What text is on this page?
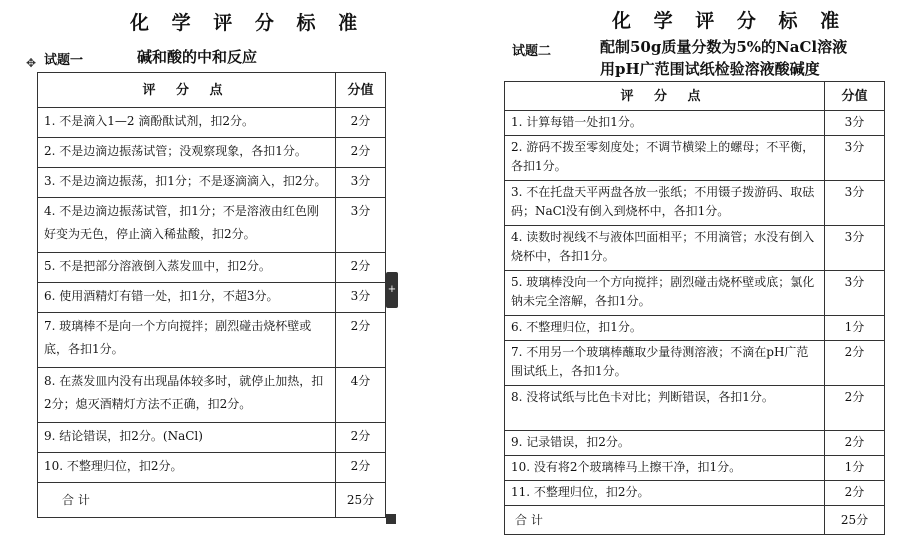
化 学 评 分 标 准
试题一	碱和酸的中和反应
✥
评 分 点	分值
1. 不是滴入1—2 滴酚酞试剂，扣2分。	2分
2. 不是边滴边振荡试管；没观察现象，各扣1分。	2分
3. 不是边滴边振荡，扣1分；不是逐滴滴入，扣2分。	3分
4. 不是边滴边振荡试管，扣1分；不是溶液由红色刚好变为无色，停止滴入稀盐酸，扣2分。	3分
5. 不是把部分溶液倒入蒸发皿中，扣2分。	2分
6. 使用酒精灯有错一处，扣1分，不超3分。	3分
7. 玻璃棒不是向一个方向搅拌；剧烈碰击烧杯壁或底，各扣1分。	2分
8. 在蒸发皿内没有出现晶体较多时，就停止加热，扣2分；熄灭酒精灯方法不正确，扣2分。	4分
9. 结论错误，扣2分。(NaCl)	2分
10. 不整理归位，扣2分。	2分
合 计	25分
+
化 学 评 分 标 准
试题二	配制50g质量分数为5%的NaCl溶液
用pH广范围试纸检验溶液酸碱度
评 分 点	分值
1. 计算每错一处扣1分。	3分
2. 游码不拨至零刻度处；不调节横梁上的螺母；不平衡，各扣1分。	3分
3. 不在托盘天平两盘各放一张纸；不用镊子拨游码、取砝码；NaCl没有倒入到烧杯中，各扣1分。	3分
4. 读数时视线不与液体凹面相平；不用滴管；水没有倒入烧杯中，各扣1分。	3分
5. 玻璃棒没向一个方向搅拌；剧烈碰击烧杯壁或底；氯化钠未完全溶解，各扣1分。	3分
6. 不整理归位，扣1分。	1分
7. 不用另一个玻璃棒蘸取少量待测溶液；不滴在pH广范围试纸上，各扣1分。	2分
8. 没将试纸与比色卡对比；判断错误，各扣1分。	2分
9. 记录错误，扣2分。	2分
10. 没有将2个玻璃棒马上擦干净，扣1分。	1分
11. 不整理归位，扣2分。	2分
合 计	25分
